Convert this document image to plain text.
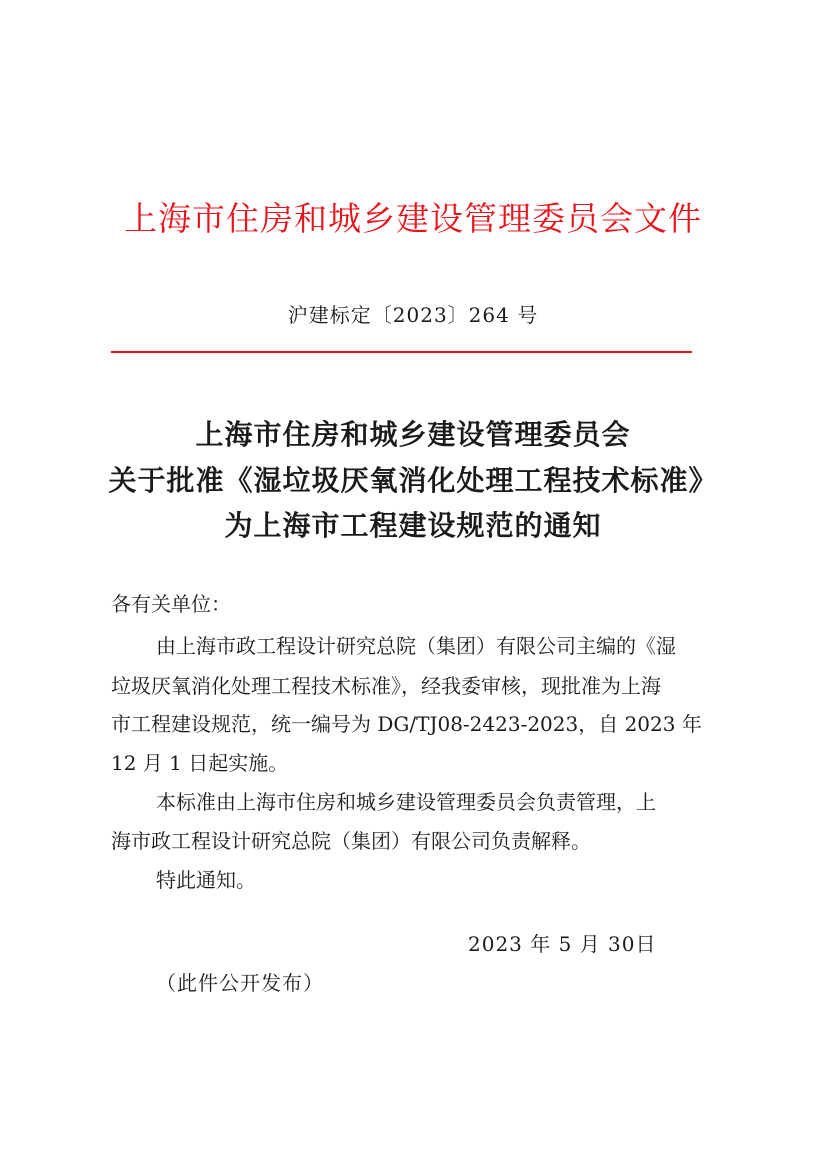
上海市住房和城乡建设管理委员会文件
沪建标定〔2023〕264 号
上海市住房和城乡建设管理委员会
关于批准《湿垃圾厌氧消化处理工程技术标准》
为上海市工程建设规范的通知
各有关单位：
由上海市政工程设计研究总院（集团）有限公司主编的《湿
垃圾厌氧消化处理工程技术标准》，经我委审核，现批准为上海
市工程建设规范，统一编号为 DG/TJ08-2423-2023，自 2023 年
12 月 1 日起实施。
本标准由上海市住房和城乡建设管理委员会负责管理，上
海市政工程设计研究总院（集团）有限公司负责解释。
特此通知。
2023 年 5 月 30日
（此件公开发布）
